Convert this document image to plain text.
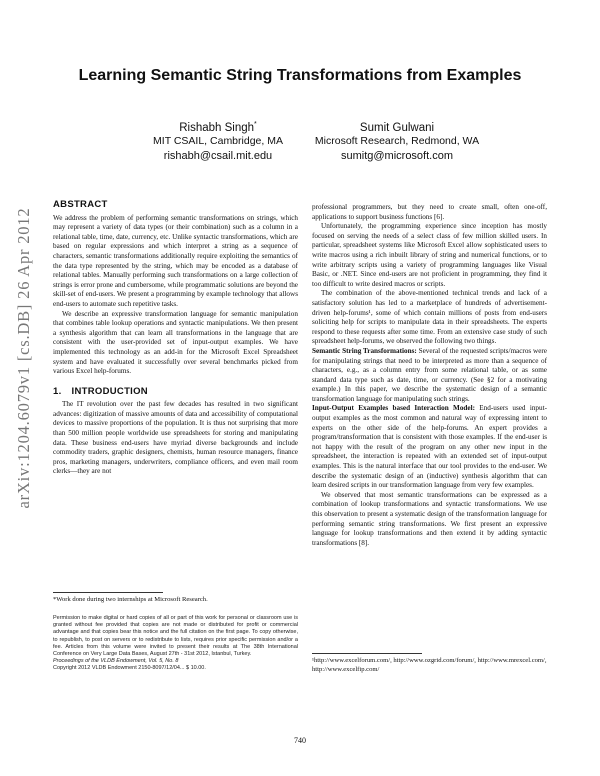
arXiv:1204.6079v1 [cs.DB] 26 Apr 2012
Learning Semantic String Transformations from Examples
Rishabh Singh*
MIT CSAIL, Cambridge, MA
rishabh@csail.mit.edu
Sumit Gulwani
Microsoft Research, Redmond, WA
sumitg@microsoft.com
ABSTRACT

We address the problem of performing semantic transformations on strings, which may represent a variety of data types (or their combination) such as a column in a relational table, time, date, currency, etc. Unlike syntactic transformations, which are based on regular expressions and which interpret a string as a sequence of characters, semantic transformations additionally require exploiting the semantics of the data type represented by the string, which may be encoded as a database of relational tables. Manually performing such transformations on a large collection of strings is error prone and cumbersome, while programmatic solutions are beyond the skill-set of end-users. We present a programming by example technology that allows end-users to automate such repetitive tasks.

We describe an expressive transformation language for semantic manipulation that combines table lookup operations and syntactic manipulations. We then present a synthesis algorithm that can learn all transformations in the language that are consistent with the user-provided set of input-output examples. We have implemented this technology as an add-in for the Microsoft Excel Spreadsheet system and have evaluated it successfully over several benchmarks picked from various Excel help-forums.

1. INTRODUCTION

The IT revolution over the past few decades has resulted in two significant advances: digitization of massive amounts of data and accessibility of computational devices to massive proportions of the population. It is thus not surprising that more than 500 million people worldwide use spreadsheets for storing and manipulating data. These business end-users have myriad diverse backgrounds and include commodity traders, graphic designers, chemists, human resource managers, finance pros, marketing managers, underwriters, compliance officers, and even mail room clerks—they are not

*Work done during two internships at Microsoft Research.
Permission to make digital or hard copies of all or part of this work for personal or classroom use is granted without fee provided that copies are not made or distributed for profit or commercial advantage and that copies bear this notice and the full citation on the first page. To copy otherwise, to republish, to post on servers or to redistribute to lists, requires prior specific permission and/or a fee. Articles from this volume were invited to present their results at The 38th International Conference on Very Large Data Bases, August 27th - 31st 2012, Istanbul, Turkey.
Proceedings of the VLDB Endowment, Vol. 5, No. 8
Copyright 2012 VLDB Endowment 2150-8097/12/04... $ 10.00.

professional programmers, but they need to create small, often one-off, applications to support business functions [6].

Unfortunately, the programming experience since inception has mostly focused on serving the needs of a select class of few million skilled users. In particular, spreadsheet systems like Microsoft Excel allow sophisticated users to write macros using a rich inbuilt library of string and numerical functions, or to write arbitrary scripts using a variety of programming languages like Visual Basic, or .NET. Since end-users are not proficient in programming, they find it too difficult to write desired macros or scripts.

The combination of the above-mentioned technical trends and lack of a satisfactory solution has led to a marketplace of hundreds of advertisement-driven help-forums¹, some of which contain millions of posts from end-users soliciting help for scripts to manipulate data in their spreadsheets. The experts respond to these requests after some time. From an extensive case study of such spreadsheet help-forums, we observed the following two things.

Semantic String Transformations: Several of the requested scripts/macros were for manipulating strings that need to be interpreted as more than a sequence of characters, e.g., as a column entry from some relational table, or as some standard data type such as date, time, or currency. (See §2 for a motivating example.) In this paper, we describe the systematic design of a semantic transformation language for manipulating such strings.

Input-Output Examples based Interaction Model: End-users used input-output examples as the most common and natural way of expressing intent to experts on the other side of the help-forums. An expert provides a program/transformation that is consistent with those examples. If the end-user is not happy with the result of the program on any other new input in the spreadsheet, the interaction is repeated with an extended set of input-output examples. This is the natural interface that our tool provides to the end-user. We describe the systematic design of an (inductive) synthesis algorithm that can learn desired scripts in our transformation language from very few examples.

We observed that most semantic transformations can be expressed as a combination of lookup transformations and syntactic transformations. We use this observation to present a systematic design of the transformation language for performing semantic string transformations. We first present an expressive language for lookup transformations and then extend it by adding syntactic transformations [8].

¹http://www.excelforum.com/, http://www.ozgrid.com/forum/, http://www.mrexcel.com/, http://www.excelfip.com/
740
